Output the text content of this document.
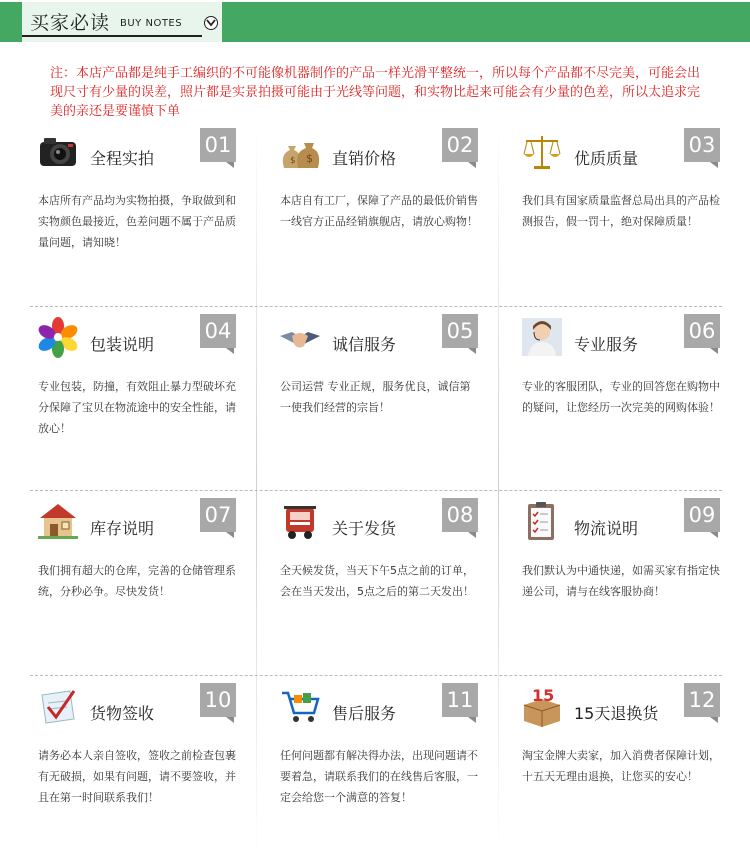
买家必读 BUY NOTES
注：本店产品都是纯手工编织的不可能像机器制作的产品一样光滑平整统一，所以每个产品都不尽完美，可能会出现尺寸有少量的误差，照片都是实景拍摄可能由于光线等问题，和实物比起来可能会有少量的色差，所以太追求完美的亲还是要谨慎下单
全程实拍
01
本店所有产品均为实物拍摄，争取做到和实物颜色最接近，色差问题不属于产品质量问题，请知晓！
$ $ 直销价格
02
本店自有工厂，保障了产品的最低价销售一线官方正品经销旗舰店，请放心购物！
优质质量
03
我们具有国家质量监督总局出具的产品检测报告，假一罚十，绝对保障质量！
包装说明
04
专业包装，防撞，有效阻止暴力型破坏充分保障了宝贝在物流途中的安全性能，请放心！
诚信服务
05
公司运营 专业正规，服务优良，诚信第一使我们经营的宗旨！
专业服务
06
专业的客服团队，专业的回答您在购物中的疑问，让您经历一次完美的网购体验！
库存说明
07
我们拥有超大的仓库，完善的仓储管理系统，分秒必争。尽快发货！
关于发货
08
全天候发货，当天下午5点之前的订单，会在当天发出，5点之后的第二天发出！
物流说明
09
我们默认为中通快递，如需买家有指定快递公司，请与在线客服协商！
货物签收
10
请务必本人亲自签收，签收之前检查包裹有无破损，如果有问题，请不要签收，并且在第一时间联系我们！
售后服务
11
任何问题都有解决得办法，出现问题请不要着急，请联系我们的在线售后客服，一定会给您一个满意的答复！
15
15天退换货
12
淘宝金牌大卖家，加入消费者保障计划，十五天无理由退换，让您买的安心！
